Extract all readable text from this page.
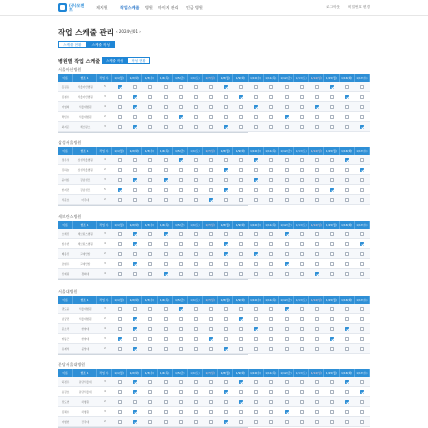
(주)모젠트	제지원	작업스케줄 병원 마이지 관리 인금 병원	로그아웃 비밀번호 변경
작업 스케줄 관리 ‹ 2024년01 ›
스케줄 현황	스케줄 작성
병원별 작업 스케줄	스케줄 작성	작성 현황
서울아산병원
이름	협조 1	작업 수	1/1(월)	1/2(화)	1/3(수)	1/4(목)	1/5(금)	1/6(토)	1/7(일)	1/8(월)	1/9(화)	1/10(수)	1/11(목)	1/12(금)	1/13(토)	1/14(일)	1/15(월)	1/16(화)	1/17(수)
홍길동	서울아산병원	5
김철수	서울아산병원	3
이영희	서울대병원	4
박민수	서울대병원	2
최지은	세브란스	3
삼성서울병원
이름	협조 1	작업 수	1/1(월)	1/2(화)	1/3(수)	1/4(목)	1/5(금)	1/6(토)	1/7(일)	1/8(월)	1/9(화)	1/10(수)	1/11(목)	1/12(금)	1/13(토)	1/14(일)	1/15(월)	1/16(화)	1/17(수)
정우성	삼성서울병원	4
강하늘	삼성서울병원	2
윤아름	강남성모	3
한지민	강남성모	5
서준호	아주대	2
세브란스병원
이름	협조 1	작업 수	1/1(월)	1/2(화)	1/3(수)	1/4(목)	1/5(금)	1/6(토)	1/7(일)	1/8(월)	1/9(화)	1/10(수)	1/11(목)	1/12(금)	1/13(토)	1/14(일)	1/15(월)	1/16(화)	1/17(수)
오세진	세브란스병원	3
임수빈	세브란스병원	4
배유진	고대안암	2
조현우	고대안암	3
신예린	경희대	4
서울대병원
이름	협조 1	작업 수	1/1(월)	1/2(화)	1/3(수)	1/4(목)	1/5(금)	1/6(토)	1/7(일)	1/8(월)	1/9(화)	1/10(수)	1/11(목)	1/12(금)	1/13(토)	1/14(일)	1/15(월)	1/16(화)	1/17(수)
권도윤	서울대병원	3
남궁민	서울대병원	2
문소리	한양대	4
양동근	한양대	3
유재석	중앙대	2
분당서울대병원
이름	협조 1	작업 수	1/1(월)	1/2(화)	1/3(수)	1/4(목)	1/5(금)	1/6(토)	1/7(일)	1/8(월)	1/9(화)	1/10(수)	1/11(목)	1/12(금)	1/13(토)	1/14(일)	1/15(월)	1/16(화)	1/17(수)
하정우	분당서울대	3
송강호	분당서울대	4
전도연	차병원	2
김혜수	차병원	3
이병헌	건국대	2
